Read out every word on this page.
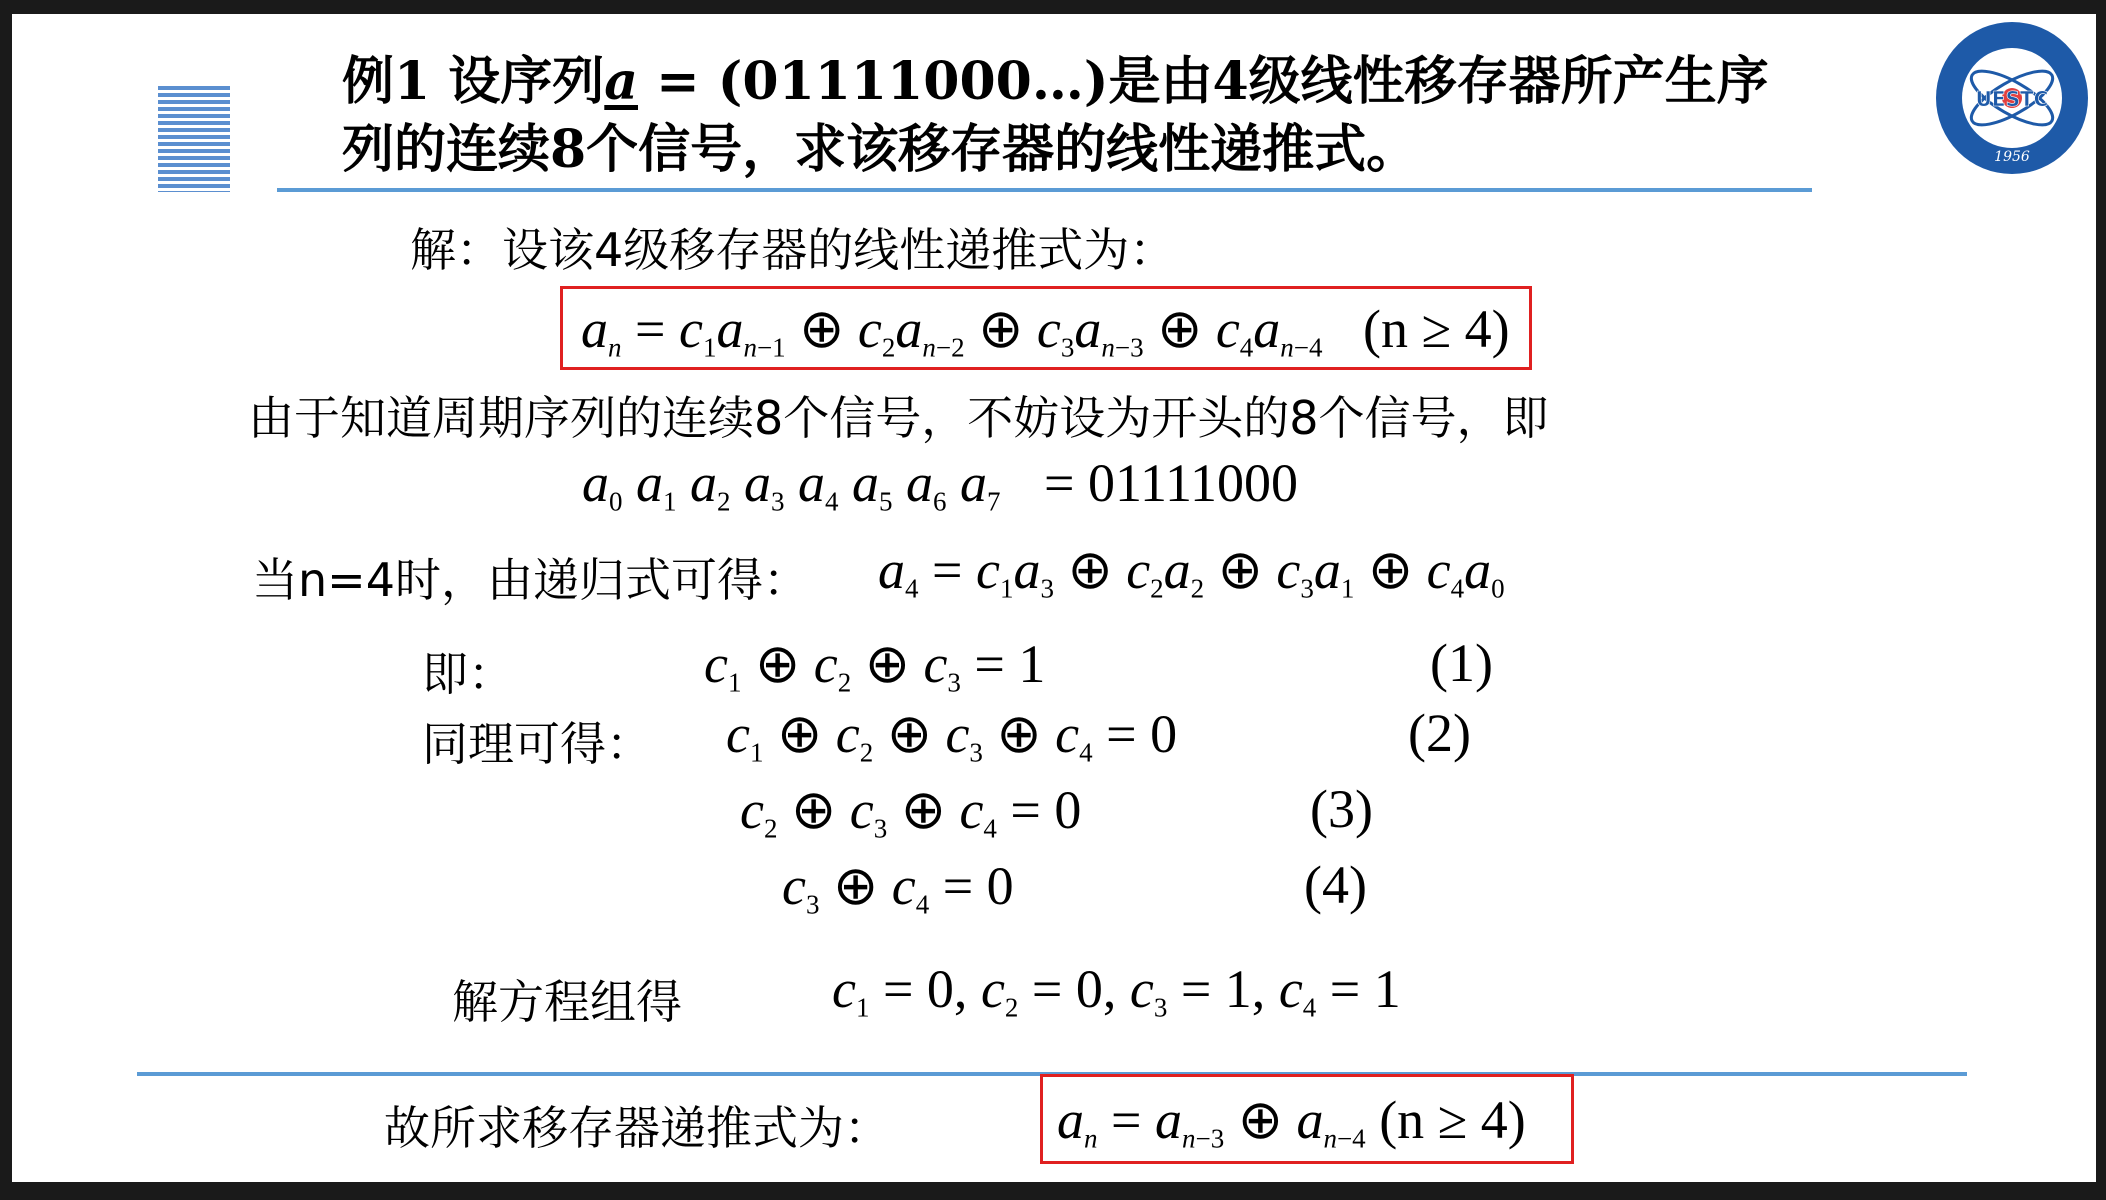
例1 设序列a = (01111000…)是由4级线性移存器所产生序
列的连续8个信号，求该移存器的线性递推式。
UESTC
1956
解：设该4级移存器的线性递推式为：
$a_n = c_1a_{n-1}$ ⊕ $c_2a_{n-2}$ ⊕ $c_3a_{n-3}$ ⊕ $c_4a_{n-4}$ (n ≥ 4)
由于知道周期序列的连续8个信号，不妨设为开头的8个信号，即
$a_0$ $a_1$ $a_2$ $a_3$ $a_4$ $a_5$ $a_6$ $a_7 = 01111000$
当n=4时，由递归式可得： $a_4 = c_1a_3$ ⊕ $c_2a_2$ ⊕ $c_3a_1$ ⊕ $c_4a_0$
即：	$c_1$ ⊕ $c_2$ ⊕ $c_3 = 1$	(1)
同理可得： $c_1$ ⊕ $c_2$ ⊕ $c_3$ ⊕ $c_4 = 0$	(2)
$c_2$ ⊕ $c_3$ ⊕ $c_4 = 0$	(3)
$c_3$ ⊕ $c_4 = 0$	(4)
解方程组得	$c_1 = 0$, $c_2 = 0$, $c_3 = 1$, $c_4 = 1$
故所求移存器递推式为：	$a_n = a_{n-3}$ ⊕ $a_{n-4}$ (n ≥ 4)
